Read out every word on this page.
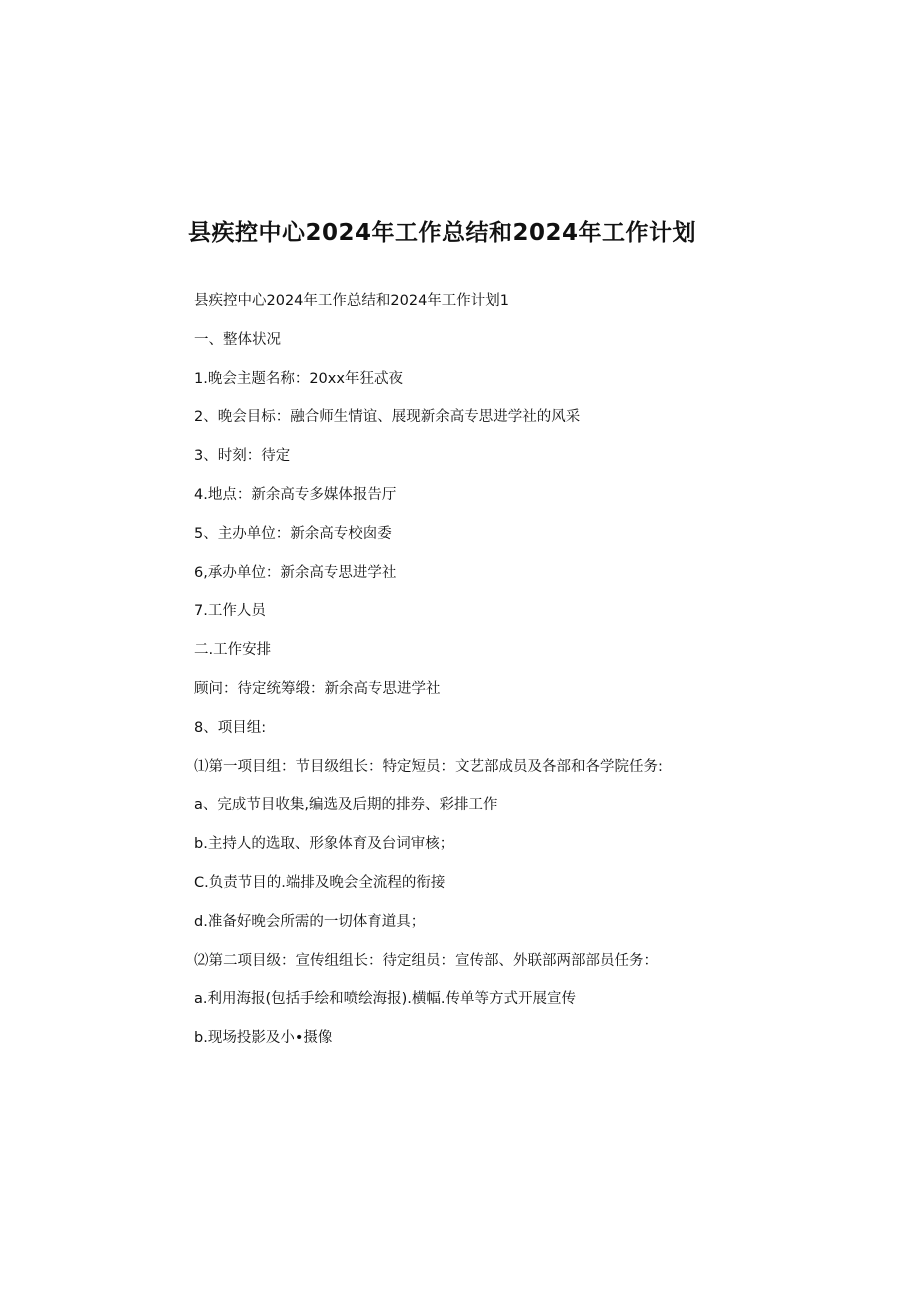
县疾控中心2024年工作总结和2024年工作计划
县疾控中心2024年工作总结和2024年工作计划1
一、整体状况
1.晚会主题名称：20xx年狂忒夜
2、晚会目标：融合师生情谊、展现新余高专思进学社的风采
3、时刻：待定
4.地点：新余高专多媒体报告厅
5、主办单位：新余高专校囱委
6,承办单位：新余高专思进学社
7.工作人员
二.工作安排
顾问：待定统筹缎：新余高专思进学社
8、项目组:
⑴第一项目组：节目级组长：特定短员：文艺部成员及各部和各学院任务:
a、完成节目收集,编选及后期的排券、彩排工作
b.主持人的选取、形象体育及台词审核；
C.负责节目的.端排及晚会全流程的衔接
d.准备好晚会所需的一切体育道具；
⑵第二项目级：宣传组组长：待定组员：宣传部、外联部两部部员任务：
a.利用海报(包括手绘和喷绘海报).横幅.传单等方式开展宣传
b.现场投影及小•摄像
